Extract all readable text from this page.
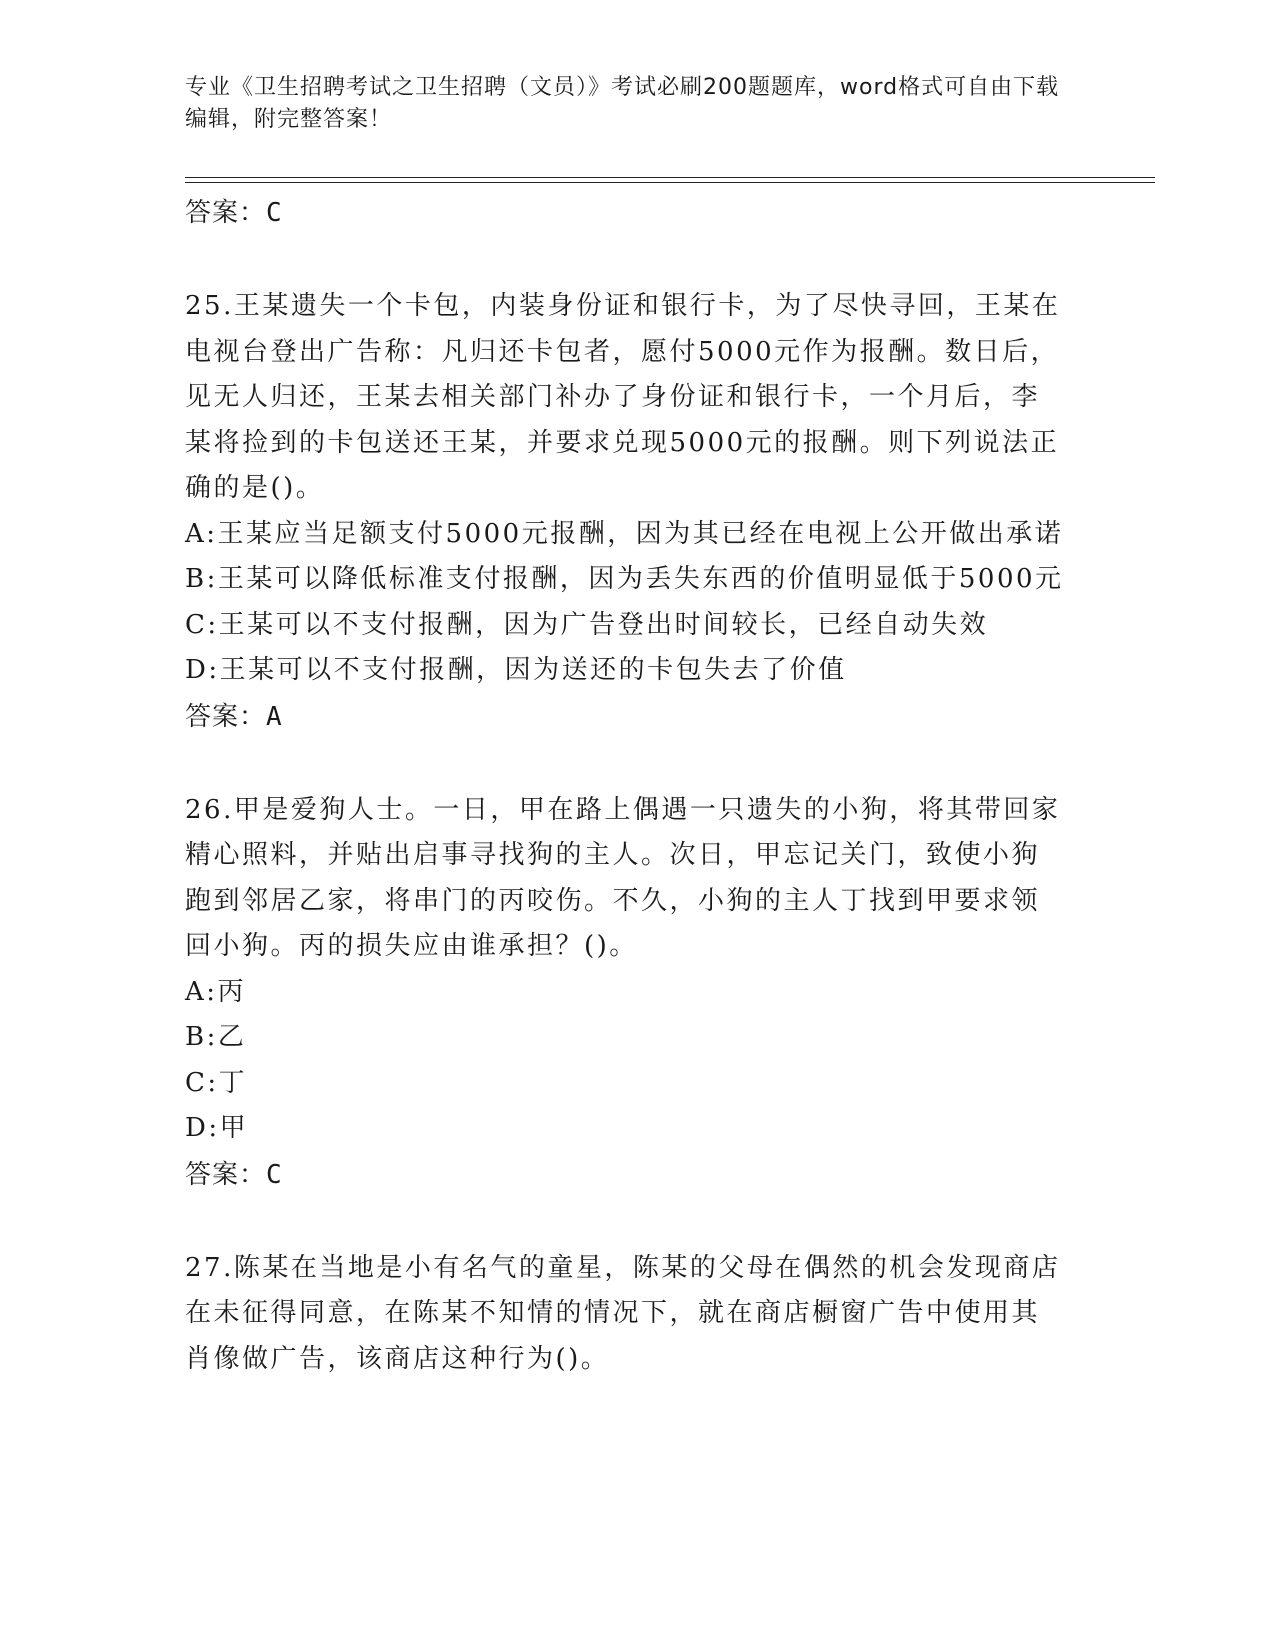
专业《卫生招聘考试之卫生招聘（文员）》考试必刷200题题库，word格式可自由下载编辑，附完整答案！
答案：C

25.王某遗失一个卡包，内装身份证和银行卡，为了尽快寻回，王某在电视台登出广告称：凡归还卡包者，愿付5000元作为报酬。数日后，见无人归还，王某去相关部门补办了身份证和银行卡，一个月后，李某将捡到的卡包送还王某，并要求兑现5000元的报酬。则下列说法正确的是()。

A:王某应当足额支付5000元报酬，因为其已经在电视上公开做出承诺

B:王某可以降低标准支付报酬，因为丢失东西的价值明显低于5000元

C:王某可以不支付报酬，因为广告登出时间较长，已经自动失效

D:王某可以不支付报酬，因为送还的卡包失去了价值

答案：A

26.甲是爱狗人士。一日，甲在路上偶遇一只遗失的小狗，将其带回家精心照料，并贴出启事寻找狗的主人。次日，甲忘记关门，致使小狗跑到邻居乙家，将串门的丙咬伤。不久，小狗的主人丁找到甲要求领回小狗。丙的损失应由谁承担？()。

A:丙

B:乙

C:丁

D:甲

答案：C

27.陈某在当地是小有名气的童星，陈某的父母在偶然的机会发现商店在未征得同意，在陈某不知情的情况下，就在商店橱窗广告中使用其肖像做广告，该商店这种行为()。
